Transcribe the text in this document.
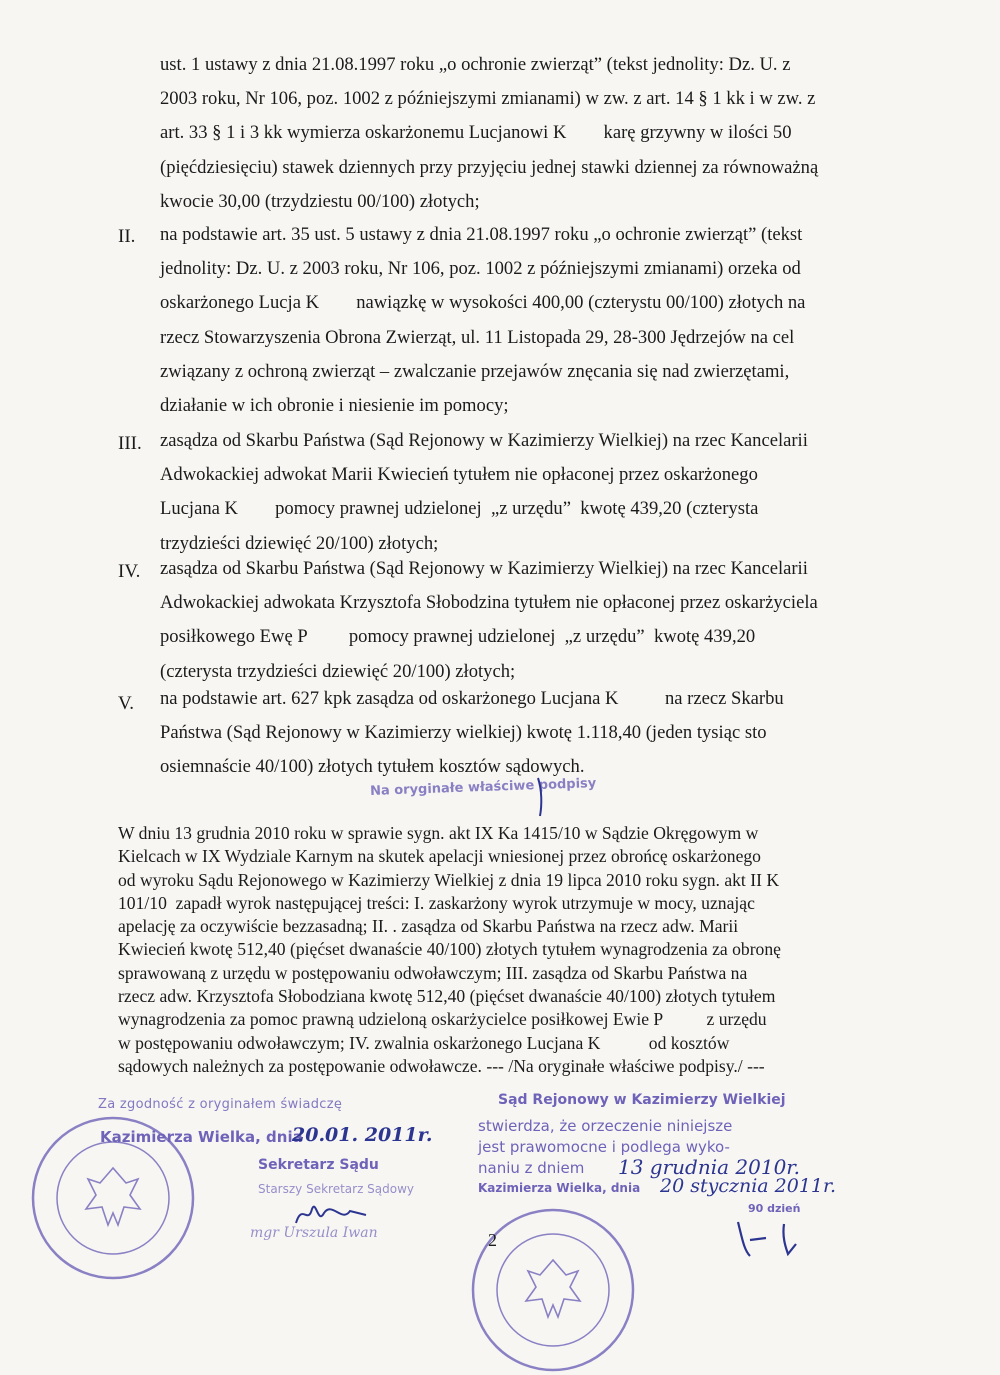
ust. 1 ustawy z dnia 21.08.1997 roku „o ochronie zwierząt” (tekst jednolity: Dz. U. z
2003 roku, Nr 106, poz. 1002 z późniejszymi zmianami) w zw. z art. 14 § 1 kk i w zw. z
art. 33 § 1 i 3 kk wymierza oskarżonemu Lucjanowi K        karę grzywny w ilości 50
(pięćdziesięciu) stawek dziennych przy przyjęciu jednej stawki dziennej za równoważną
kwocie 30,00 (trzydziestu 00/100) złotych;
II. na podstawie art. 35 ust. 5 ustawy z dnia 21.08.1997 roku „o ochronie zwierząt” (tekst
jednolity: Dz. U. z 2003 roku, Nr 106, poz. 1002 z późniejszymi zmianami) orzeka od
oskarżonego Lucja K        nawiązkę w wysokości 400,00 (czterystu 00/100) złotych na
rzecz Stowarzyszenia Obrona Zwierząt, ul. 11 Listopada 29, 28-300 Jędrzejów na cel
związany z ochroną zwierząt – zwalczanie przejawów znęcania się nad zwierzętami,
działanie w ich obronie i niesienie im pomocy;
III. zasądza od Skarbu Państwa (Sąd Rejonowy w Kazimierzy Wielkiej) na rzec Kancelarii
Adwokackiej adwokat Marii Kwiecień tytułem nie opłaconej przez oskarżonego
Lucjana K        pomocy prawnej udzielonej  „z urzędu”  kwotę 439,20 (czterysta
trzydzieści dziewięć 20/100) złotych;
IV. zasądza od Skarbu Państwa (Sąd Rejonowy w Kazimierzy Wielkiej) na rzec Kancelarii
Adwokackiej adwokata Krzysztofa Słobodzina tytułem nie opłaconej przez oskarżyciela
posiłkowego Ewę P         pomocy prawnej udzielonej  „z urzędu”  kwotę 439,20
(czterysta trzydzieści dziewięć 20/100) złotych;
V. na podstawie art. 627 kpk zasądza od oskarżonego Lucjana K          na rzecz Skarbu
Państwa (Sąd Rejonowy w Kazimierzy wielkiej) kwotę 1.118,40 (jeden tysiąc sto
osiemnaście 40/100) złotych tytułem kosztów sądowych.
Na oryginałe właściwe podpisy
W dniu 13 grudnia 2010 roku w sprawie sygn. akt IX Ka 1415/10 w Sądzie Okręgowym w
Kielcach w IX Wydziale Karnym na skutek apelacji wniesionej przez obrońcę oskarżonego
od wyroku Sądu Rejonowego w Kazimierzy Wielkiej z dnia 19 lipca 2010 roku sygn. akt II K
101/10  zapadł wyrok następującej treści: I. zaskarżony wyrok utrzymuje w mocy, uznając
apelację za oczywiście bezzasadną; II. . zasądza od Skarbu Państwa na rzecz adw. Marii
Kwiecień kwotę 512,40 (pięćset dwanaście 40/100) złotych tytułem wynagrodzenia za obronę
sprawowaną z urzędu w postępowaniu odwoławczym; III. zasądza od Skarbu Państwa na
rzecz adw. Krzysztofa Słobodziana kwotę 512,40 (pięćset dwanaście 40/100) złotych tytułem
wynagrodzenia za pomoc prawną udzieloną oskarżycielce posiłkowej Ewie P          z urzędu
w postępowaniu odwoławczym; IV. zwalnia oskarżonego Lucjana K           od kosztów
sądowych należnych za postępowanie odwoławcze. --- /Na oryginałe właściwe podpisy./ ---
Za zgodność z oryginałem świadczę
Kazimierza Wielka, dnia
20.01. 2011r.
Sekretarz Sądu
Starszy Sekretarz Sądowy
mgr Urszula Iwan
Sąd Rejonowy w Kazimierzy Wielkiej
stwierdza, że orzeczenie niniejsze
jest prawomocne i podlega wyko-
naniu z dniem 13 grudnia 2010r.
Kazimierza Wielka, dnia 20 stycznia 2011r.
90 dzień
2
